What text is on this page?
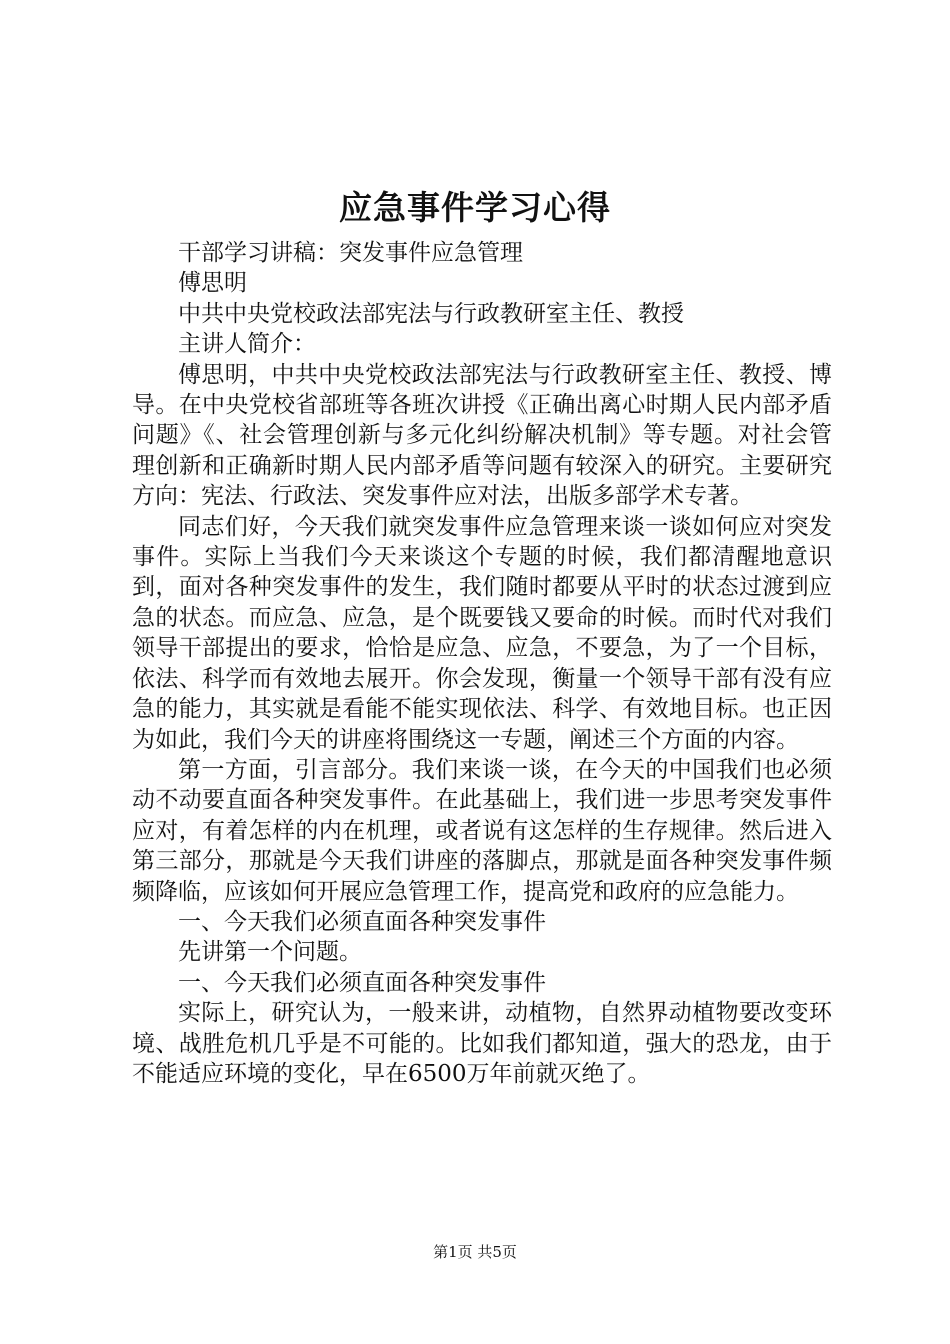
应急事件学习心得

干部学习讲稿：突发事件应急管理

傅思明

中共中央党校政法部宪法与行政教研室主任、教授

主讲人简介：

傅思明，中共中央党校政法部宪法与行政教研室主任、教授、博导。在中央党校省部班等各班次讲授《正确出离心时期人民内部矛盾问题》《、社会管理创新与多元化纠纷解决机制》等专题。对社会管理创新和正确新时期人民内部矛盾等问题有较深入的研究。主要研究方向：宪法、行政法、突发事件应对法，出版多部学术专著。

同志们好，今天我们就突发事件应急管理来谈一谈如何应对突发事件。实际上当我们今天来谈这个专题的时候，我们都清醒地意识到，面对各种突发事件的发生，我们随时都要从平时的状态过渡到应急的状态。而应急、应急，是个既要钱又要命的时候。而时代对我们领导干部提出的要求，恰恰是应急、应急，不要急，为了一个目标，依法、科学而有效地去展开。你会发现，衡量一个领导干部有没有应急的能力，其实就是看能不能实现依法、科学、有效地目标。也正因为如此，我们今天的讲座将围绕这一专题，阐述三个方面的内容。

第一方面，引言部分。我们来谈一谈，在今天的中国我们也必须动不动要直面各种突发事件。在此基础上，我们进一步思考突发事件应对，有着怎样的内在机理，或者说有这怎样的生存规律。然后进入第三部分，那就是今天我们讲座的落脚点，那就是面各种突发事件频频降临，应该如何开展应急管理工作，提高党和政府的应急能力。

一、今天我们必须直面各种突发事件

先讲第一个问题。

一、今天我们必须直面各种突发事件

实际上，研究认为，一般来讲，动植物，自然界动植物要改变环境、战胜危机几乎是不可能的。比如我们都知道，强大的恐龙，由于不能适应环境的变化，早在6500万年前就灭绝了。

第1页 共5页
